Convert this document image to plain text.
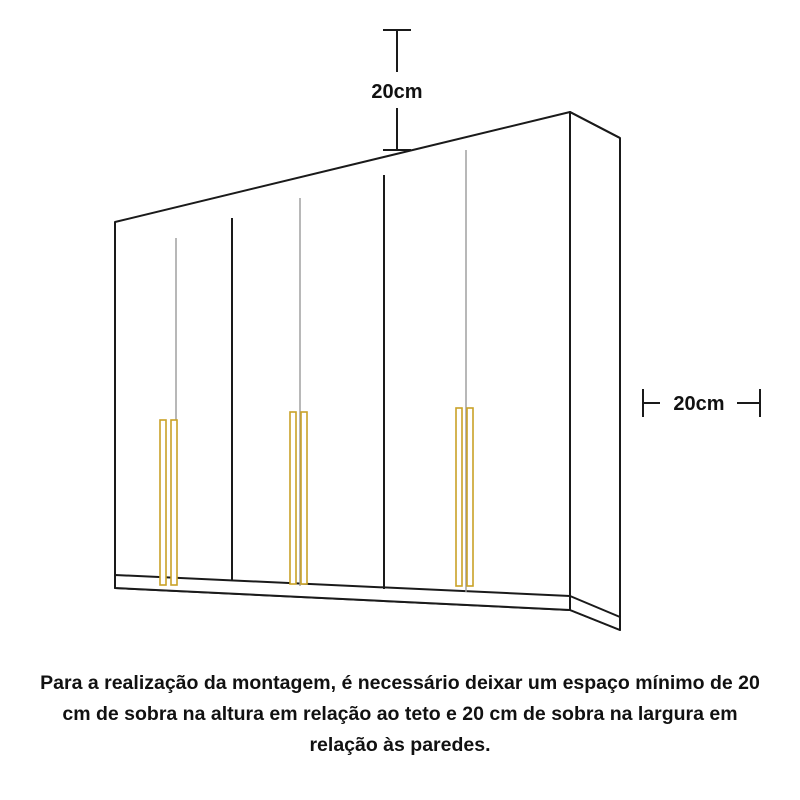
20cm
20cm
Para a realização da montagem, é necessário deixar um espaço mínimo de 20 cm de sobra na altura em relação ao teto e 20 cm de sobra na largura em relação às paredes.
